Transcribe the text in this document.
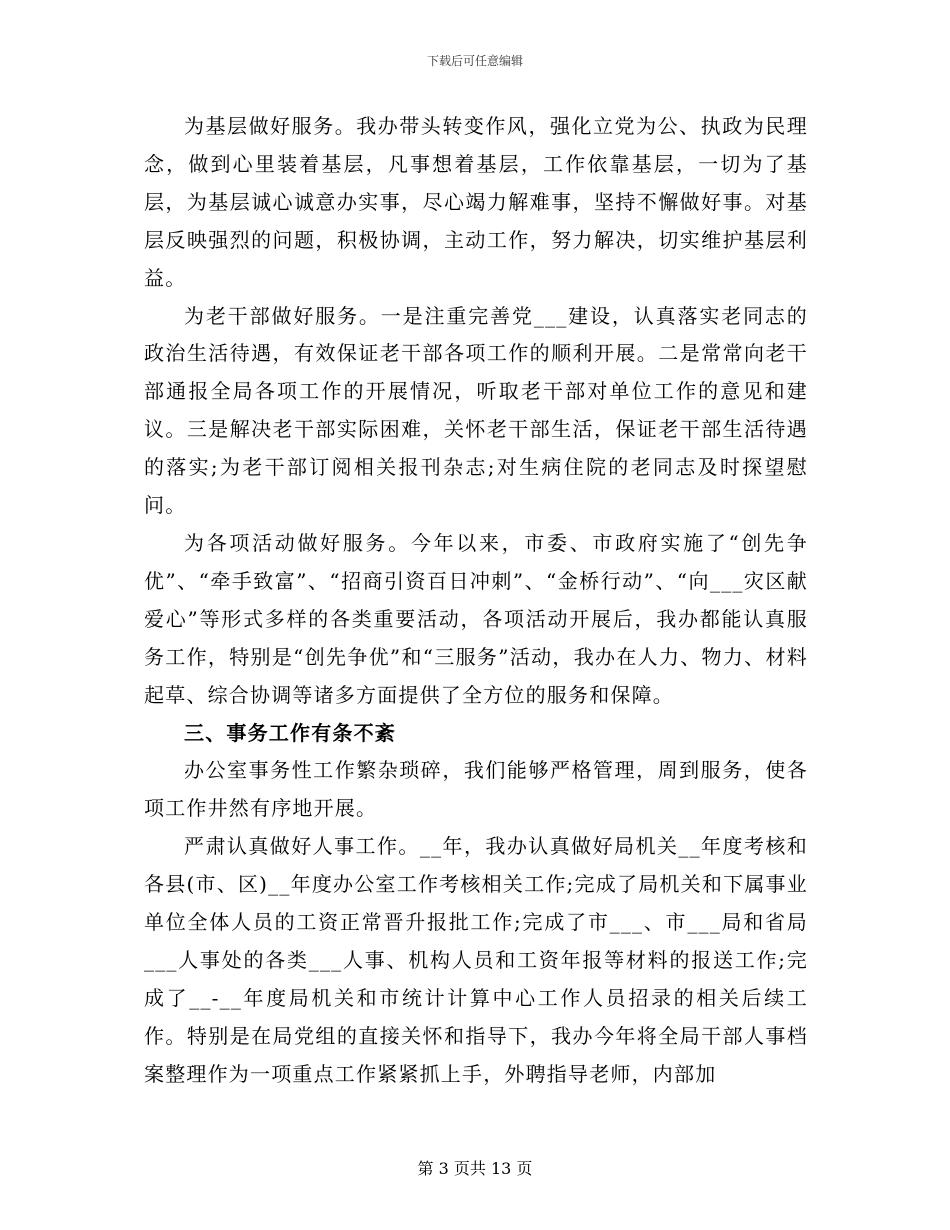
下载后可任意编辑

为基层做好服务。我办带头转变作风，强化立党为公、执政为民理念，做到心里装着基层，凡事想着基层，工作依靠基层，一切为了基层，为基层诚心诚意办实事，尽心竭力解难事，坚持不懈做好事。对基层反映强烈的问题，积极协调，主动工作，努力解决，切实维护基层利益。

为老干部做好服务。一是注重完善党___建设，认真落实老同志的政治生活待遇，有效保证老干部各项工作的顺利开展。二是常常向老干部通报全局各项工作的开展情况，听取老干部对单位工作的意见和建议。三是解决老干部实际困难，关怀老干部生活，保证老干部生活待遇的落实;为老干部订阅相关报刊杂志;对生病住院的老同志及时探望慰问。

为各项活动做好服务。今年以来，市委、市政府实施了“创先争优”、“牵手致富”、“招商引资百日冲刺”、“金桥行动”、“向___灾区献爱心”等形式多样的各类重要活动，各项活动开展后，我办都能认真服务工作，特别是“创先争优”和“三服务”活动，我办在人力、物力、材料起草、综合协调等诸多方面提供了全方位的服务和保障。

三、事务工作有条不紊

办公室事务性工作繁杂琐碎，我们能够严格管理，周到服务，使各项工作井然有序地开展。

严肃认真做好人事工作。__年，我办认真做好局机关__年度考核和各县(市、区)__年度办公室工作考核相关工作;完成了局机关和下属事业单位全体人员的工资正常晋升报批工作;完成了市___、市___局和省局___人事处的各类___人事、机构人员和工资年报等材料的报送工作;完成了__-__年度局机关和市统计计算中心工作人员招录的相关后续工作。特别是在局党组的直接关怀和指导下，我办今年将全局干部人事档案整理作为一项重点工作紧紧抓上手，外聘指导老师，内部加

第 3 页共 13 页
